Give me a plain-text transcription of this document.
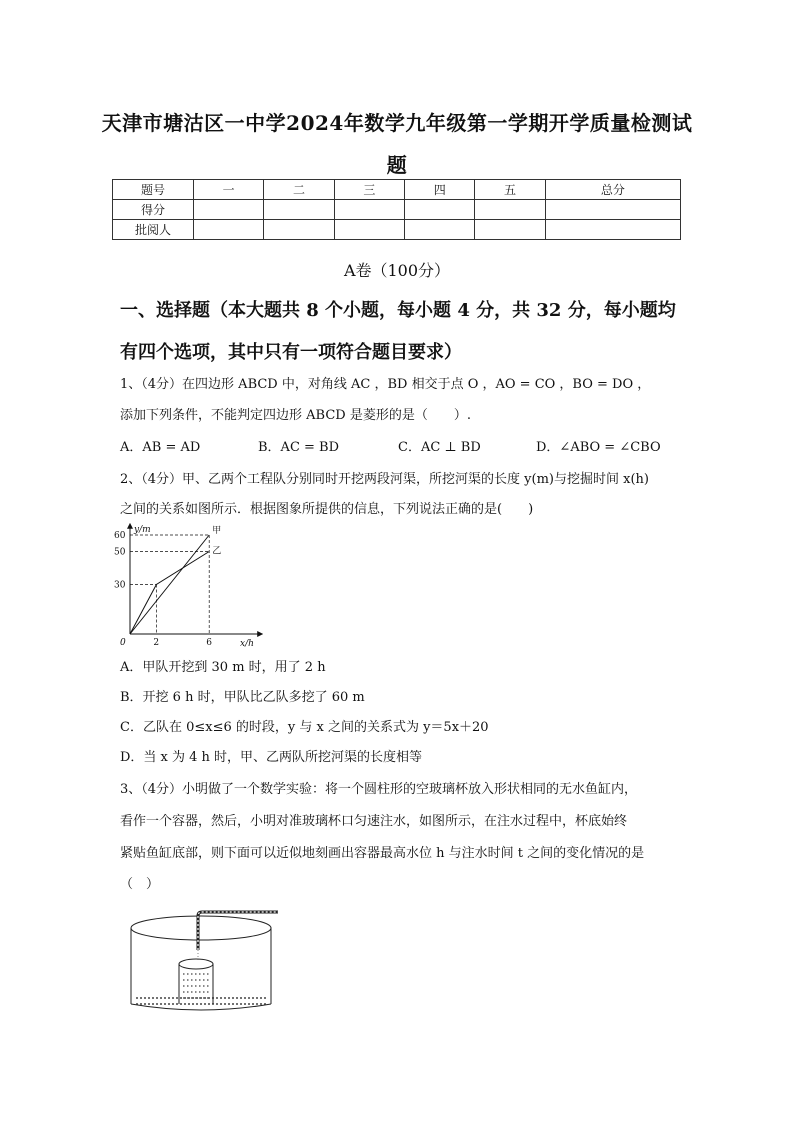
天津市塘沽区一中学2024年数学九年级第一学期开学质量检测试
题
题号	一	二	三	四	五	总分
得分						
批阅人						
A卷（100分）
一、选择题（本大题共 8 个小题，每小题 4 分，共 32 分，每小题均
有四个选项，其中只有一项符合题目要求）
1、（4分）在四边形 ABCD 中，对角线 AC ，BD 相交于点 O ，AO = CO ，BO = DO ，
添加下列条件，不能判定四边形 ABCD 是菱形的是（　　）.
A．AB = AD	B．AC = BD	C．AC ⊥ BD	D．∠ABO = ∠CBO
2、（4分）甲、乙两个工程队分别同时开挖两段河渠，所挖河渠的长度 y(m)与挖掘时间 x(h)
之间的关系如图所示．根据图象所提供的信息，下列说法正确的是(　　)
甲
乙
30
50
60
0	2	6	x/h
y/m
A．甲队开挖到 30 m 时，用了 2 h
B．开挖 6 h 时，甲队比乙队多挖了 60 m
C．乙队在 0≤x≤6 的时段，y 与 x 之间的关系式为 y＝5x＋20
D．当 x 为 4 h 时，甲、乙两队所挖河渠的长度相等
3、（4分）小明做了一个数学实验：将一个圆柱形的空玻璃杯放入形状相同的无水鱼缸内，
看作一个容器，然后，小明对准玻璃杯口匀速注水，如图所示，在注水过程中，杯底始终
紧贴鱼缸底部，则下面可以近似地刻画出容器最高水位 h 与注水时间 t 之间的变化情况的是
（　）
